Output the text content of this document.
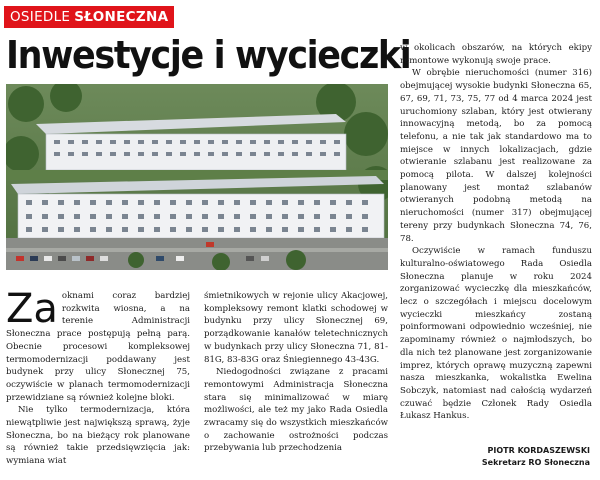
OSIEDLE SŁONECZNA
Inwestycje i wycieczki
Za oknami coraz bardziej rozkwita wiosna, a na terenie Administracji Słoneczna prace postępują pełną parą. Obecnie procesowi kompleksowej termomodernizacji poddawany jest budynek przy ulicy Słonecznej 75, oczywiście w planach termomodernizacji przewidziane są również kolejne bloki.

Nie tylko termodernizacja, która niewątpliwie jest największą sprawą, żyje Słoneczna, bo na bieżący rok planowane są również takie przedsięwzięcia jak: wymiana wiat

śmietnikowych w rejonie ulicy Akacjowej, kompleksowy remont klatki schodowej w budynku przy ulicy Słonecznej 69, porządkowanie kanałów teletechnicznych w budynkach przy ulicy Słoneczna 71, 81-81G, 83-83G oraz Śniegiennego 43-43G.

Niedogodności związane z pracami remontowymi Administracja Słoneczna stara się minimalizować w miarę możliwości, ale też my jako Rada Osiedla zwracamy się do wszystkich mieszkańców o zachowanie ostrożności podczas przebywania lub przechodzenia

w okolicach obszarów, na których ekipy remontowe wykonują swoje prace.

W obrębie nieruchomości (numer 316) obejmującej wysokie budynki Słoneczna 65, 67, 69, 71, 73, 75, 77 od 4 marca 2024 jest uruchomiony szlaban, który jest otwierany innowacyjną metodą, bo za pomocą telefonu, a nie tak jak standardowo ma to miejsce w innych lokalizacjach, gdzie otwieranie szlabanu jest realizowane za pomocą pilota. W dalszej kolejności planowany jest montaż szlabanów otwieranych podobną metodą na nieruchomości (numer 317) obejmującej tereny przy budynkach Słoneczna 74, 76, 78.

Oczywiście w ramach funduszu kulturalno-oświatowego Rada Osiedla Słoneczna planuje w roku 2024 zorganizować wycieczkę dla mieszkańców, lecz o szczegółach i miejscu docelowym wycieczki mieszkańcy zostaną poinformowani odpowiednio wcześniej, nie zapominamy również o najmłodszych, bo dla nich też planowane jest zorganizowanie imprez, których oprawę muzyczną zapewni nasza mieszkanka, wokalistka Ewelina Sobczyk, natomiast nad całością wydarzeń czuwać będzie Członek Rady Osiedla Łukasz Hankus.

PIOTR KORDASZEWSKI
Sekretarz RO Słoneczna
